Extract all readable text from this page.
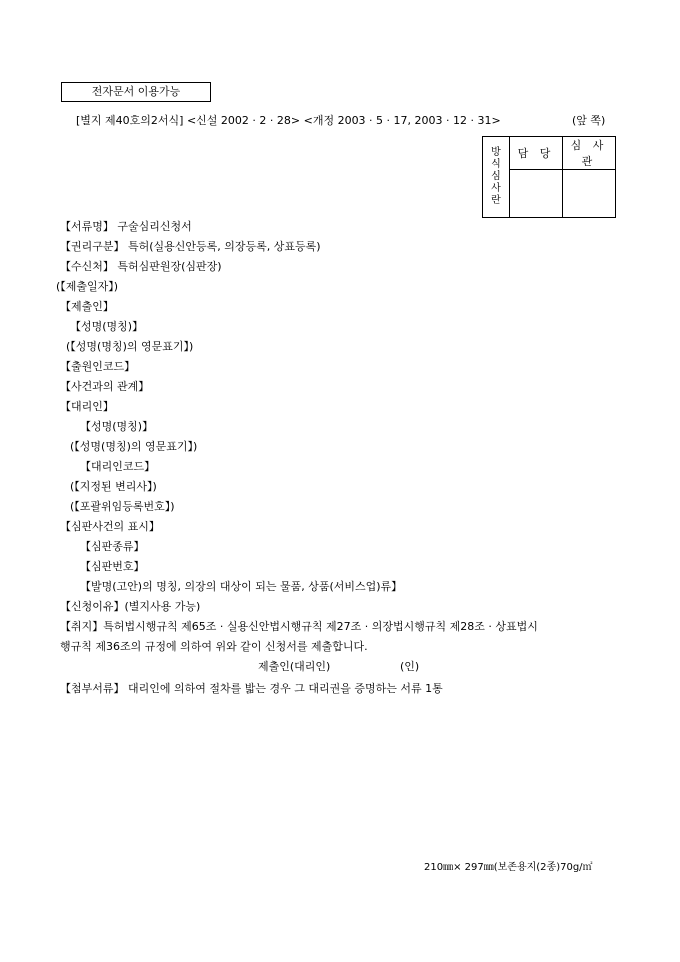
전자문서 이용가능
[별지 제40호의2서식] <신설 2002 · 2 · 28> <개정 2003 · 5 · 17, 2003 · 12 · 31>	(앞 쪽)
방
식
심
사
란	담 당	심 사 관

【서류명】 구술심리신청서
【권리구분】 특허(실용신안등록, 의장등록, 상표등록)
【수신처】 특허심판원장(심판장)
(【제출일자】)
【제출인】
【성명(명칭)】
(【성명(명칭)의 영문표기】)
【출원인코드】
【사건과의 관계】
【대리인】
【성명(명칭)】
(【성명(명칭)의 영문표기】)
【대리인코드】
(【지정된 변리사】)
(【포괄위임등록번호】)
【심판사건의 표시】
【심판종류】
【심판번호】
【발명(고안)의 명칭, 의장의 대상이 되는 물품, 상품(서비스업)류】
【신청이유】(별지사용 가능)
【취지】특허법시행규칙 제65조 · 실용신안법시행규칙 제27조 · 의장법시행규칙 제28조 · 상표법시
행규칙 제36조의 규정에 의하여 위와 같이 신청서를 제출합니다.
제출인(대리인)	(인)
【첨부서류】 대리인에 의하여 절차를 밟는 경우 그 대리권을 증명하는 서류 1통
210㎜× 297㎜(보존용지(2종)70g/㎡
